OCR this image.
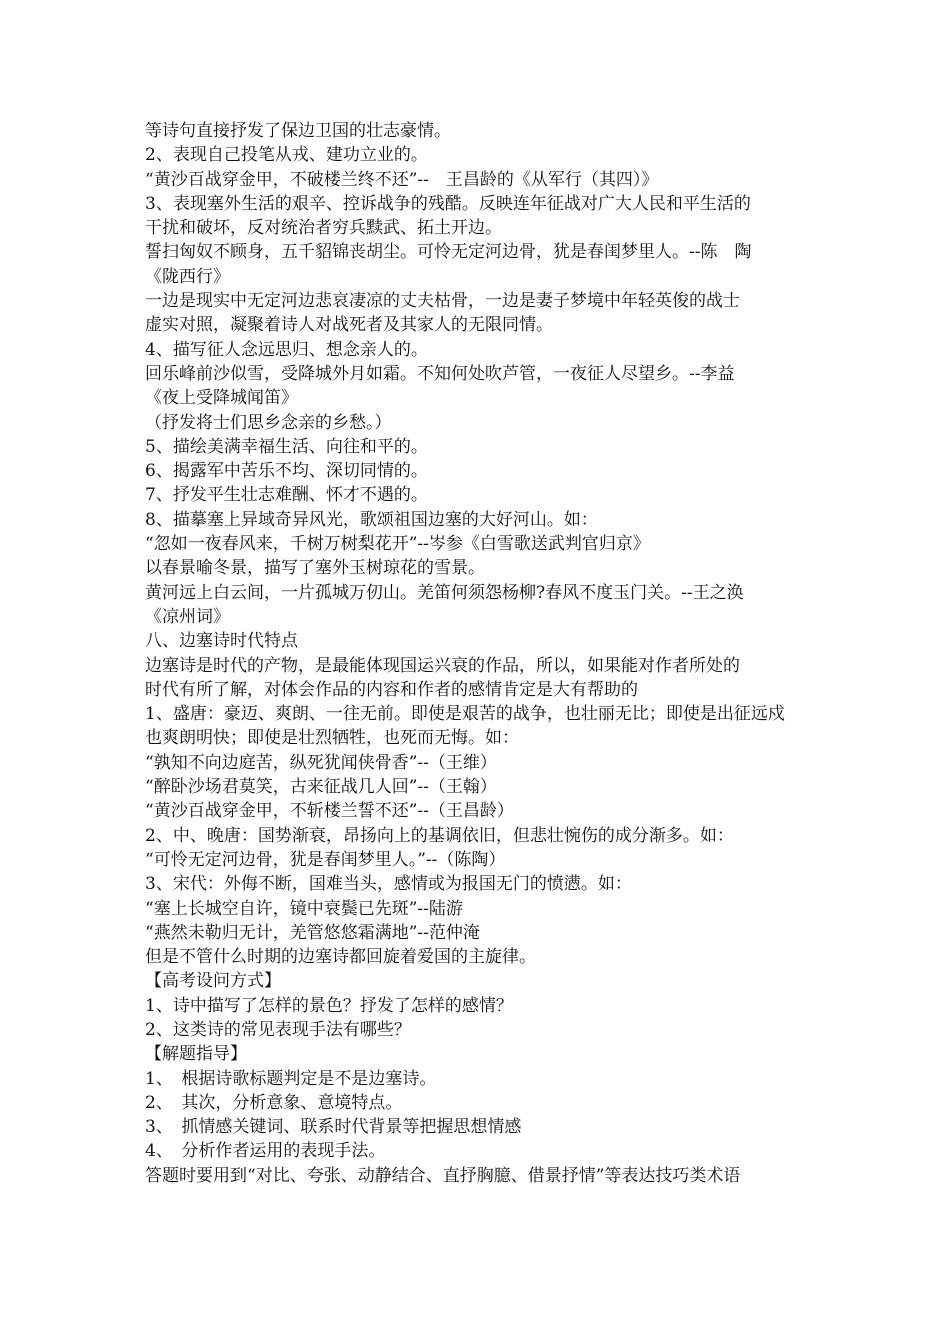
等诗句直接抒发了保边卫国的壮志豪情。
2、表现自己投笔从戎、建功立业的。
“黄沙百战穿金甲，不破楼兰终不还”--　王昌龄的《从军行（其四）》
3、表现塞外生活的艰辛、控诉战争的残酷。反映连年征战对广大人民和平生活的
干扰和破坏，反对统治者穷兵黩武、拓土开边。
誓扫匈奴不顾身，五千貂锦丧胡尘。可怜无定河边骨，犹是春闺梦里人。--陈　陶
《陇西行》
一边是现实中无定河边悲哀凄凉的丈夫枯骨，一边是妻子梦境中年轻英俊的战士
虚实对照，凝聚着诗人对战死者及其家人的无限同情。
4、描写征人念远思归、想念亲人的。
回乐峰前沙似雪，受降城外月如霜。不知何处吹芦管，一夜征人尽望乡。--李益
《夜上受降城闻笛》
（抒发将士们思乡念亲的乡愁。）
5、描绘美满幸福生活、向往和平的。
6、揭露军中苦乐不均、深切同情的。
7、抒发平生壮志难酬、怀才不遇的。
8、描摹塞上异域奇异风光，歌颂祖国边塞的大好河山。如：
“忽如一夜春风来，千树万树梨花开”--岑参《白雪歌送武判官归京》
以春景喻冬景，描写了塞外玉树琼花的雪景。
黄河远上白云间，一片孤城万仞山。羌笛何须怨杨柳?春风不度玉门关。--王之涣
《凉州词》
八、边塞诗时代特点
边塞诗是时代的产物，是最能体现国运兴衰的作品，所以，如果能对作者所处的
时代有所了解，对体会作品的内容和作者的感情肯定是大有帮助的
1、盛唐：豪迈、爽朗、一往无前。即使是艰苦的战争，也壮丽无比；即使是出征远戍
也爽朗明快；即使是壮烈牺牲，也死而无悔。如：
“孰知不向边庭苦，纵死犹闻侠骨香”--（王维）
“醉卧沙场君莫笑，古来征战几人回”--（王翰）
“黄沙百战穿金甲，不斩楼兰誓不还”--（王昌龄）
2、中、晚唐：国势渐衰，昂扬向上的基调依旧，但悲壮惋伤的成分渐多。如：
“可怜无定河边骨，犹是春闺梦里人。”--（陈陶）
3、宋代：外侮不断，国难当头，感情或为报国无门的愤懑。如：
“塞上长城空自许，镜中衰鬓已先斑”--陆游
“燕然未勒归无计，羌管悠悠霜满地”--范仲淹
但是不管什么时期的边塞诗都回旋着爱国的主旋律。
【高考设问方式】
1、诗中描写了怎样的景色？抒发了怎样的感情？
2、这类诗的常见表现手法有哪些？
【解题指导】
1、　根据诗歌标题判定是不是边塞诗。
2、　其次，分析意象、意境特点。
3、　抓情感关键词、联系时代背景等把握思想情感
4、　分析作者运用的表现手法。
答题时要用到“对比、夸张、动静结合、直抒胸臆、借景抒情”等表达技巧类术语
